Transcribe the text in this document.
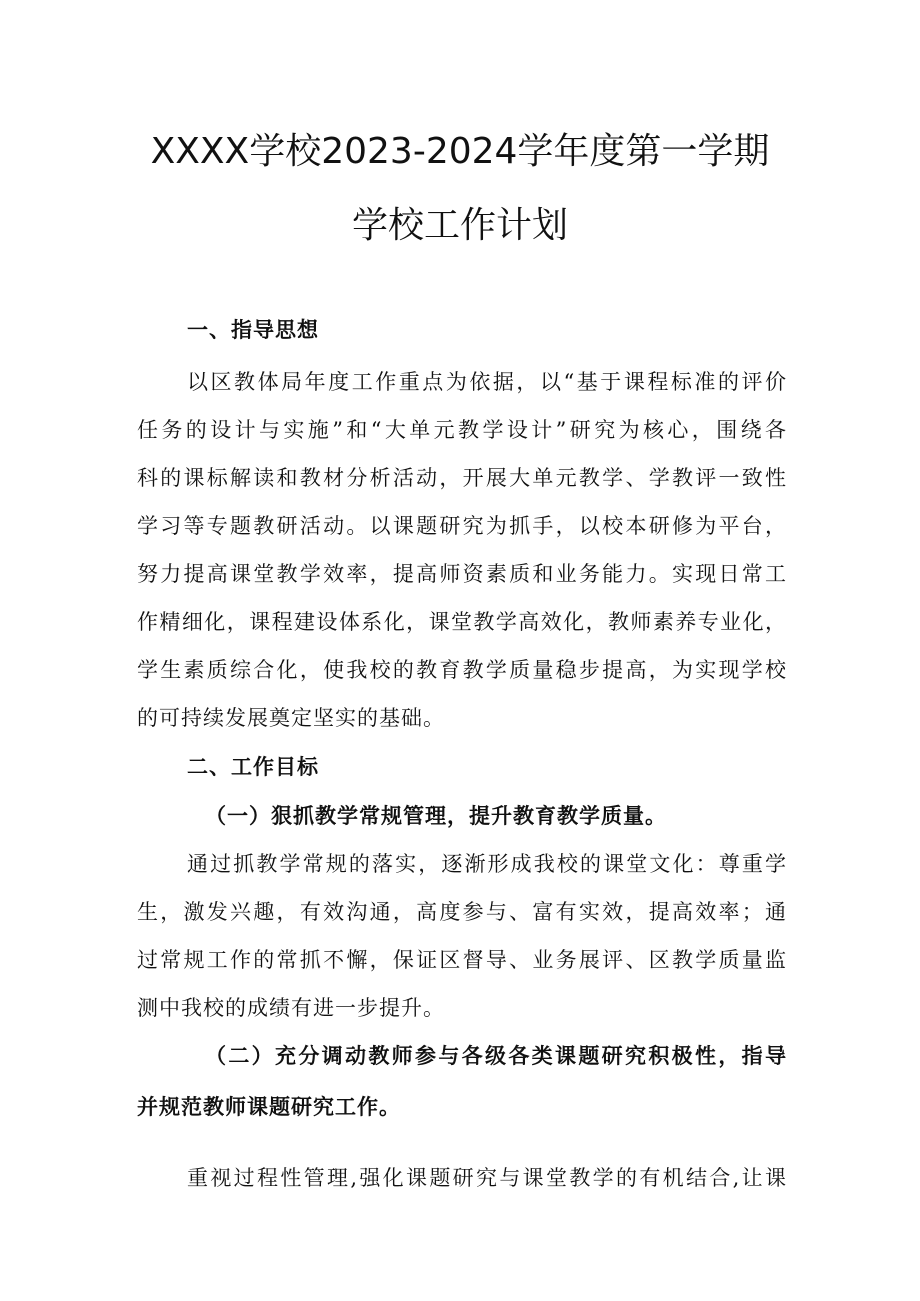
XXXX学校2023-2024学年度第一学期
学校工作计划
一、指导思想
以区教体局年度工作重点为依据，以“基于课程标准的评价
任务的设计与实施”和“大单元教学设计”研究为核心，围绕各
科的课标解读和教材分析活动，开展大单元教学、学教评一致性
学习等专题教研活动。以课题研究为抓手，以校本研修为平台，
努力提高课堂教学效率，提高师资素质和业务能力。实现日常工
作精细化，课程建设体系化，课堂教学高效化，教师素养专业化，
学生素质综合化，使我校的教育教学质量稳步提高，为实现学校
的可持续发展奠定坚实的基础。
二、工作目标
（一）狠抓教学常规管理，提升教育教学质量。
通过抓教学常规的落实，逐渐形成我校的课堂文化：尊重学
生，激发兴趣，有效沟通，高度参与、富有实效，提高效率；通
过常规工作的常抓不懈，保证区督导、业务展评、区教学质量监
测中我校的成绩有进一步提升。
（二）充分调动教师参与各级各类课题研究积极性，指导
并规范教师课题研究工作。
重视过程性管理,强化课题研究与课堂教学的有机结合,让课
